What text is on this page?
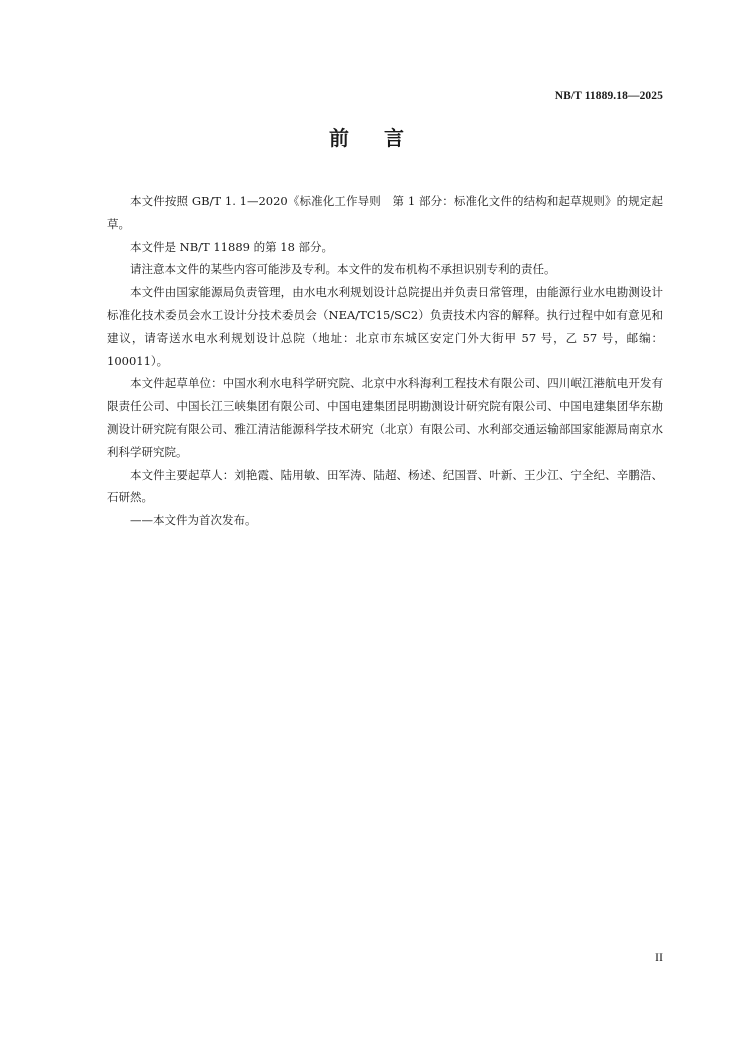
NB/T 11889.18—2025
前 言

本文件按照 GB/T 1. 1—2020《标准化工作导则　第 1 部分：标准化文件的结构和起草规则》的规定起草。

本文件是 NB/T 11889 的第 18 部分。

请注意本文件的某些内容可能涉及专利。本文件的发布机构不承担识别专利的责任。

本文件由国家能源局负责管理，由水电水利规划设计总院提出并负责日常管理，由能源行业水电勘测设计标准化技术委员会水工设计分技术委员会（NEA/TC15/SC2）负责技术内容的解释。执行过程中如有意见和建议，请寄送水电水利规划设计总院（地址：北京市东城区安定门外大街甲 57 号，乙 57 号，邮编：100011）。

本文件起草单位：中国水利水电科学研究院、北京中水科海利工程技术有限公司、四川岷江港航电开发有限责任公司、中国长江三峡集团有限公司、中国电建集团昆明勘测设计研究院有限公司、中国电建集团华东勘测设计研究院有限公司、雅江清洁能源科学技术研究（北京）有限公司、水利部交通运输部国家能源局南京水利科学研究院。

本文件主要起草人：刘艳霞、陆用敏、田军涛、陆超、杨述、纪国晋、叶新、王少江、宁全纪、辛鹏浩、石研然。

——本文件为首次发布。

II
